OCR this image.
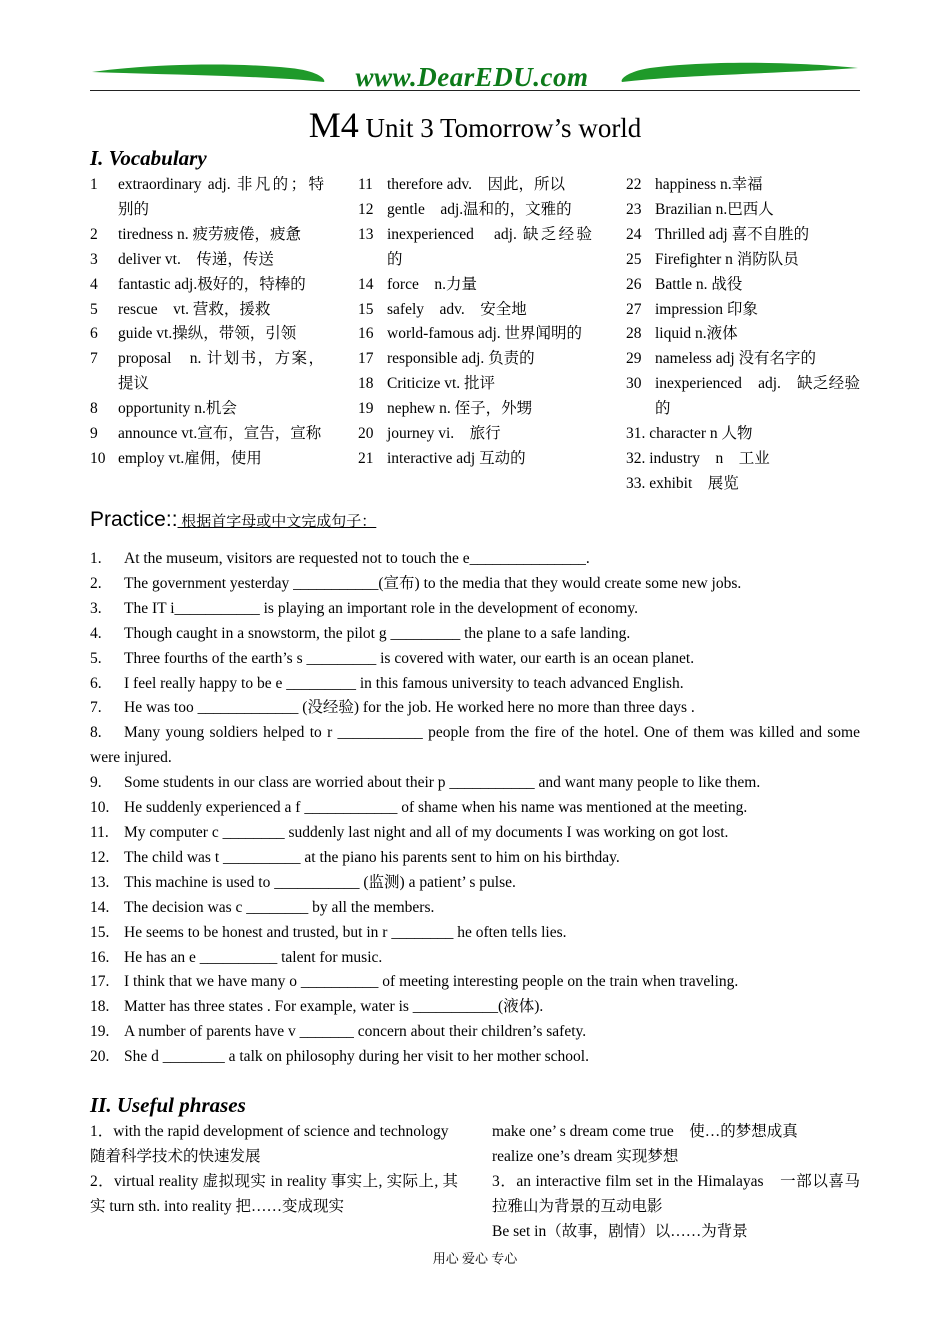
www.DearEDU.com
M4 Unit 3 Tomorrow’s world
I. Vocabulary
1	extraordinary adj. 非凡的；特别的
2	tiredness n. 疲劳疲倦，疲惫
3	deliver vt.　传递，传送
4	fantastic adj.极好的，特棒的
5	rescue　vt. 营救，援救
6	guide vt.操纵，带领，引领
7	proposal　n. 计划书，方案，提议
8	opportunity n.机会
9	announce vt.宣布，宣告，宣称
10 employ vt.雇佣，使用
11 therefore adv.　因此，所以
12 gentle　adj.温和的，文雅的
13 inexperienced　adj. 缺乏经验的
14 force　n.力量
15 safely　adv.　安全地
16 world-famous adj. 世界闻明的
17 responsible adj. 负责的
18 Criticize vt. 批评
19 nephew n. 侄子，外甥
20 journey vi.　旅行
21 interactive adj 互动的
22 happiness n.幸福
23 Brazilian n.巴西人
24 Thrilled adj 喜不自胜的
25 Firefighter n 消防队员
26 Battle n. 战役
27 impression 印象
28 liquid n.液体
29 nameless adj 没有名字的
30 inexperienced　adj.　缺乏经验的
31. character n 人物
32. industry　n　工业
33. exhibit　展览
Practice:: 根据首字母或中文完成句子：
1.	At the museum, visitors are requested not to touch the e_______________.
2.	The government yesterday ___________(宣布) to the media that they would create some new jobs.
3.	The IT i___________ is playing an important role in the development of economy.
4.	Though caught in a snowstorm, the pilot g _________ the plane to a safe landing.
5.	Three fourths of the earth’s s _________ is covered with water, our earth is an ocean planet.
6.	I feel really happy to be e _________ in this famous university to teach advanced English.
7.	He was too _____________ (没经验) for the job. He worked here no more than three days .
8. Many young soldiers helped to r ___________ people from the fire of the hotel. One of them was killed and some were injured.
9.	Some students in our class are worried about their p ___________ and want many people to like them.
10. He suddenly experienced a f ____________ of shame when his name was mentioned at the meeting.
11. My computer c ________ suddenly last night and all of my documents I was working on got lost.
12. The child was t __________ at the piano his parents sent to him on his birthday.
13. This machine is used to ___________ (监测) a patient’ s pulse.
14. The decision was c ________ by all the members.
15. He seems to be honest and trusted, but in r ________ he often tells lies.
16. He has an e __________ talent for music.
17. I think that we have many o __________ of meeting interesting people on the train when traveling.
18. Matter has three states . For example, water is ___________(液体).
19. A number of parents have v _______ concern about their children’s safety.
20. She d ________ a talk on philosophy during her visit to her mother school.
II. Useful phrases
1．with the rapid development of science and technology
随着科学技术的快速发展
2．virtual reality 虚拟现实 in reality 事实上, 实际上, 其实 turn sth. into reality 把……变成现实
make one’ s dream come true　使…的梦想成真
realize one’s dream 实现梦想
3．an interactive film set in the Himalayas　一部以喜马拉雅山为背景的互动电影
Be set in（故事，剧情）以……为背景
用心 爱心 专心
